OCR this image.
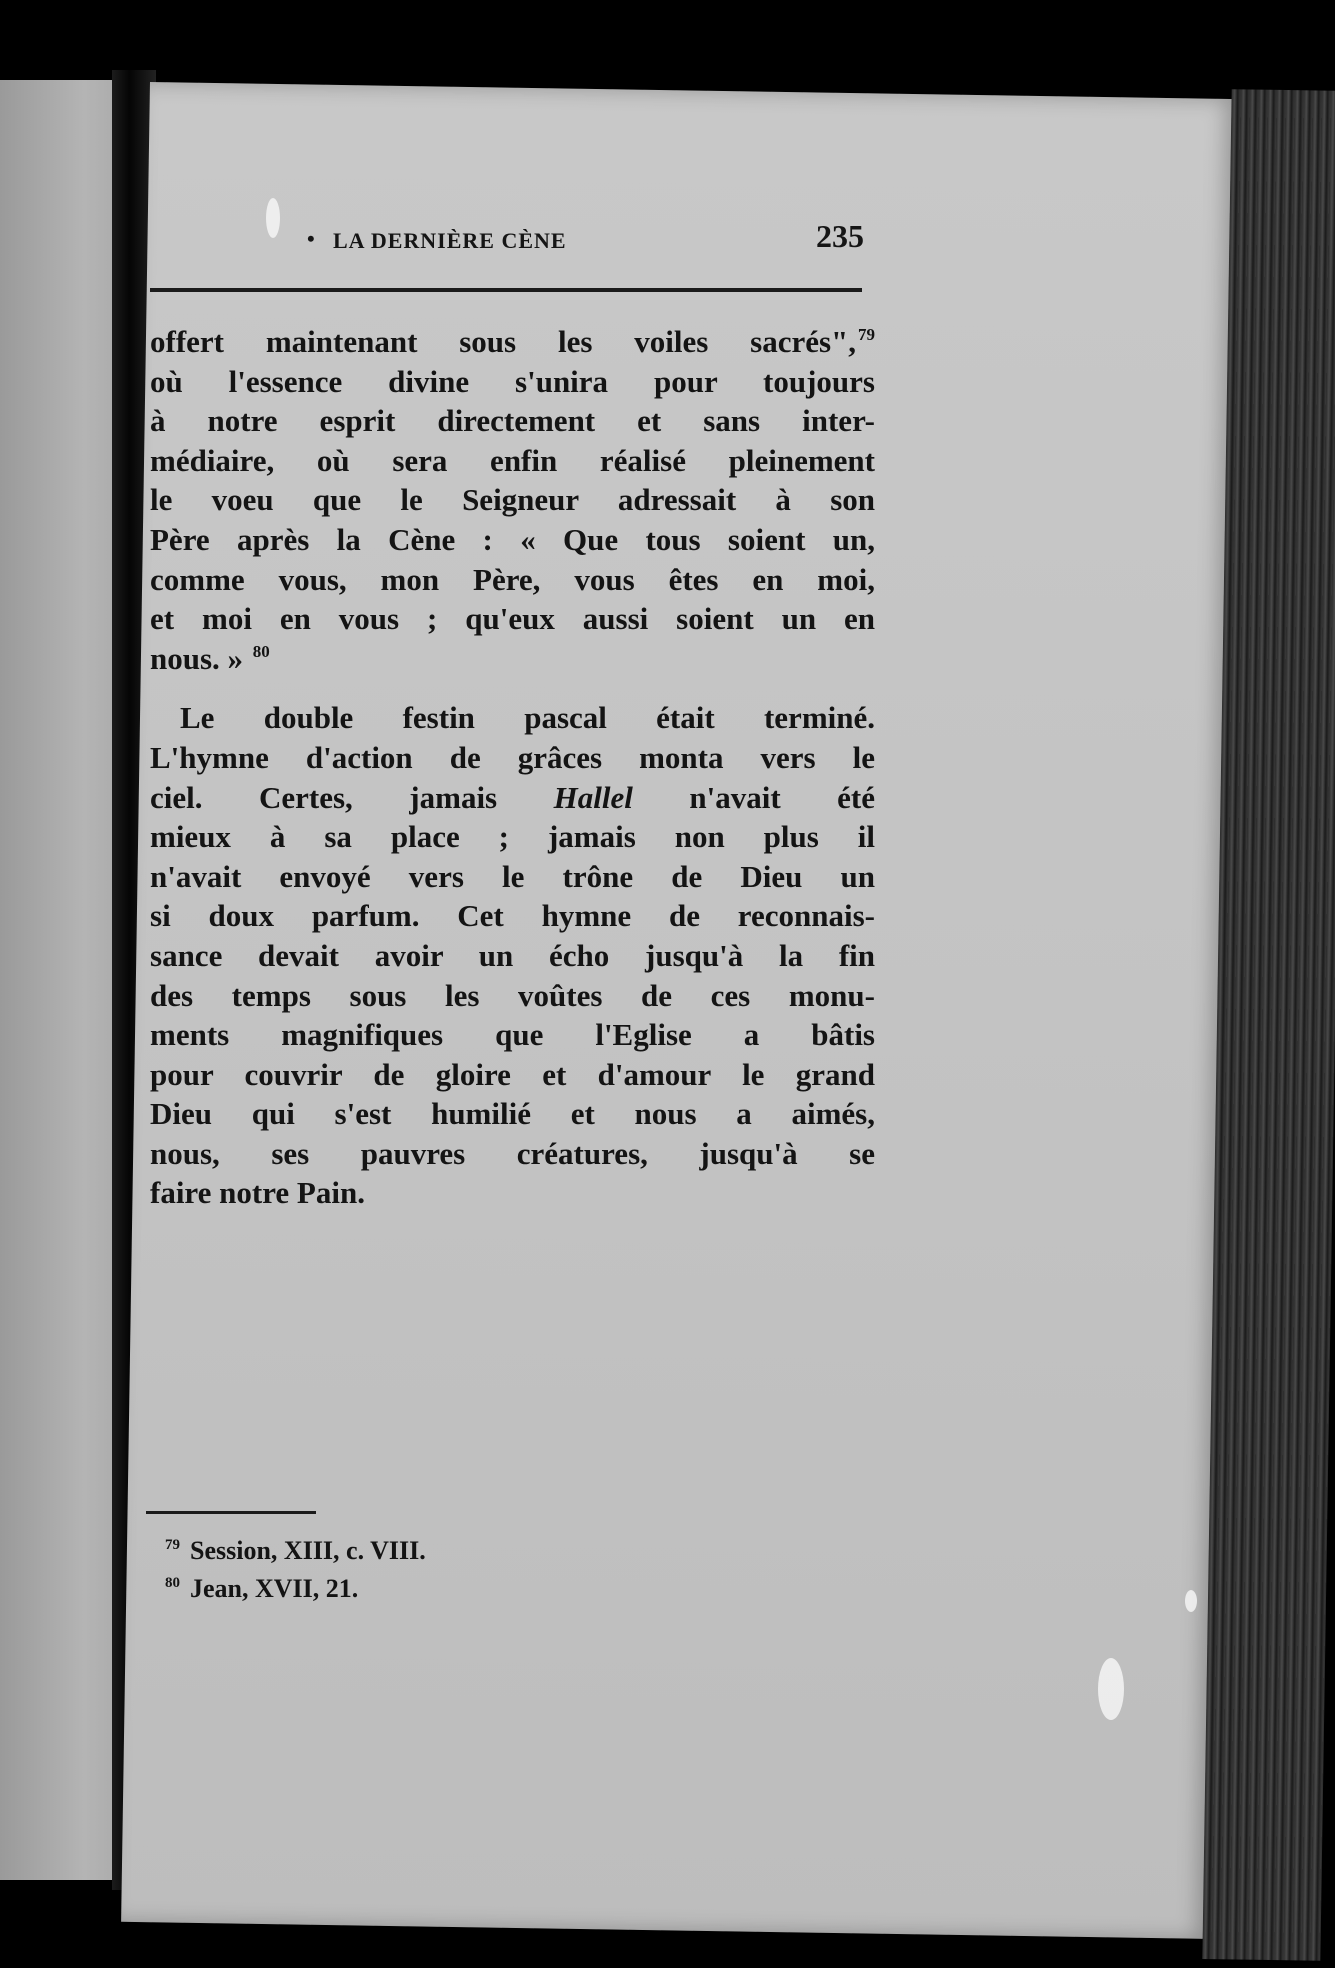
• LA DERNIÈRE CÈNE	235

offert maintenant sous les voiles sacrés", $^{79}$

où l'essence divine s'unira pour toujours

à notre esprit directement et sans inter-

médiaire, où sera enfin réalisé pleinement

le voeu que le Seigneur adressait à son

Père après la Cène : « Que tous soient un,

comme vous, mon Père, vous êtes en moi,

et moi en vous ; qu'eux aussi soient un en

nous. » $^{80}$

Le double festin pascal était terminé.

L'hymne d'action de grâces monta vers le

ciel. Certes, jamais Hallel n'avait été

mieux à sa place ; jamais non plus il

n'avait envoyé vers le trône de Dieu un

si doux parfum. Cet hymne de reconnais-

sance devait avoir un écho jusqu'à la fin

des temps sous les voûtes de ces monu-

ments magnifiques que l'Eglise a bâtis

pour couvrir de gloire et d'amour le grand

Dieu qui s'est humilié et nous a aimés,

nous, ses pauvres créatures, jusqu'à se

faire notre Pain.

$^{79}$ Session, XIII, c. VIII.
$^{80}$ Jean, XVII, 21.
